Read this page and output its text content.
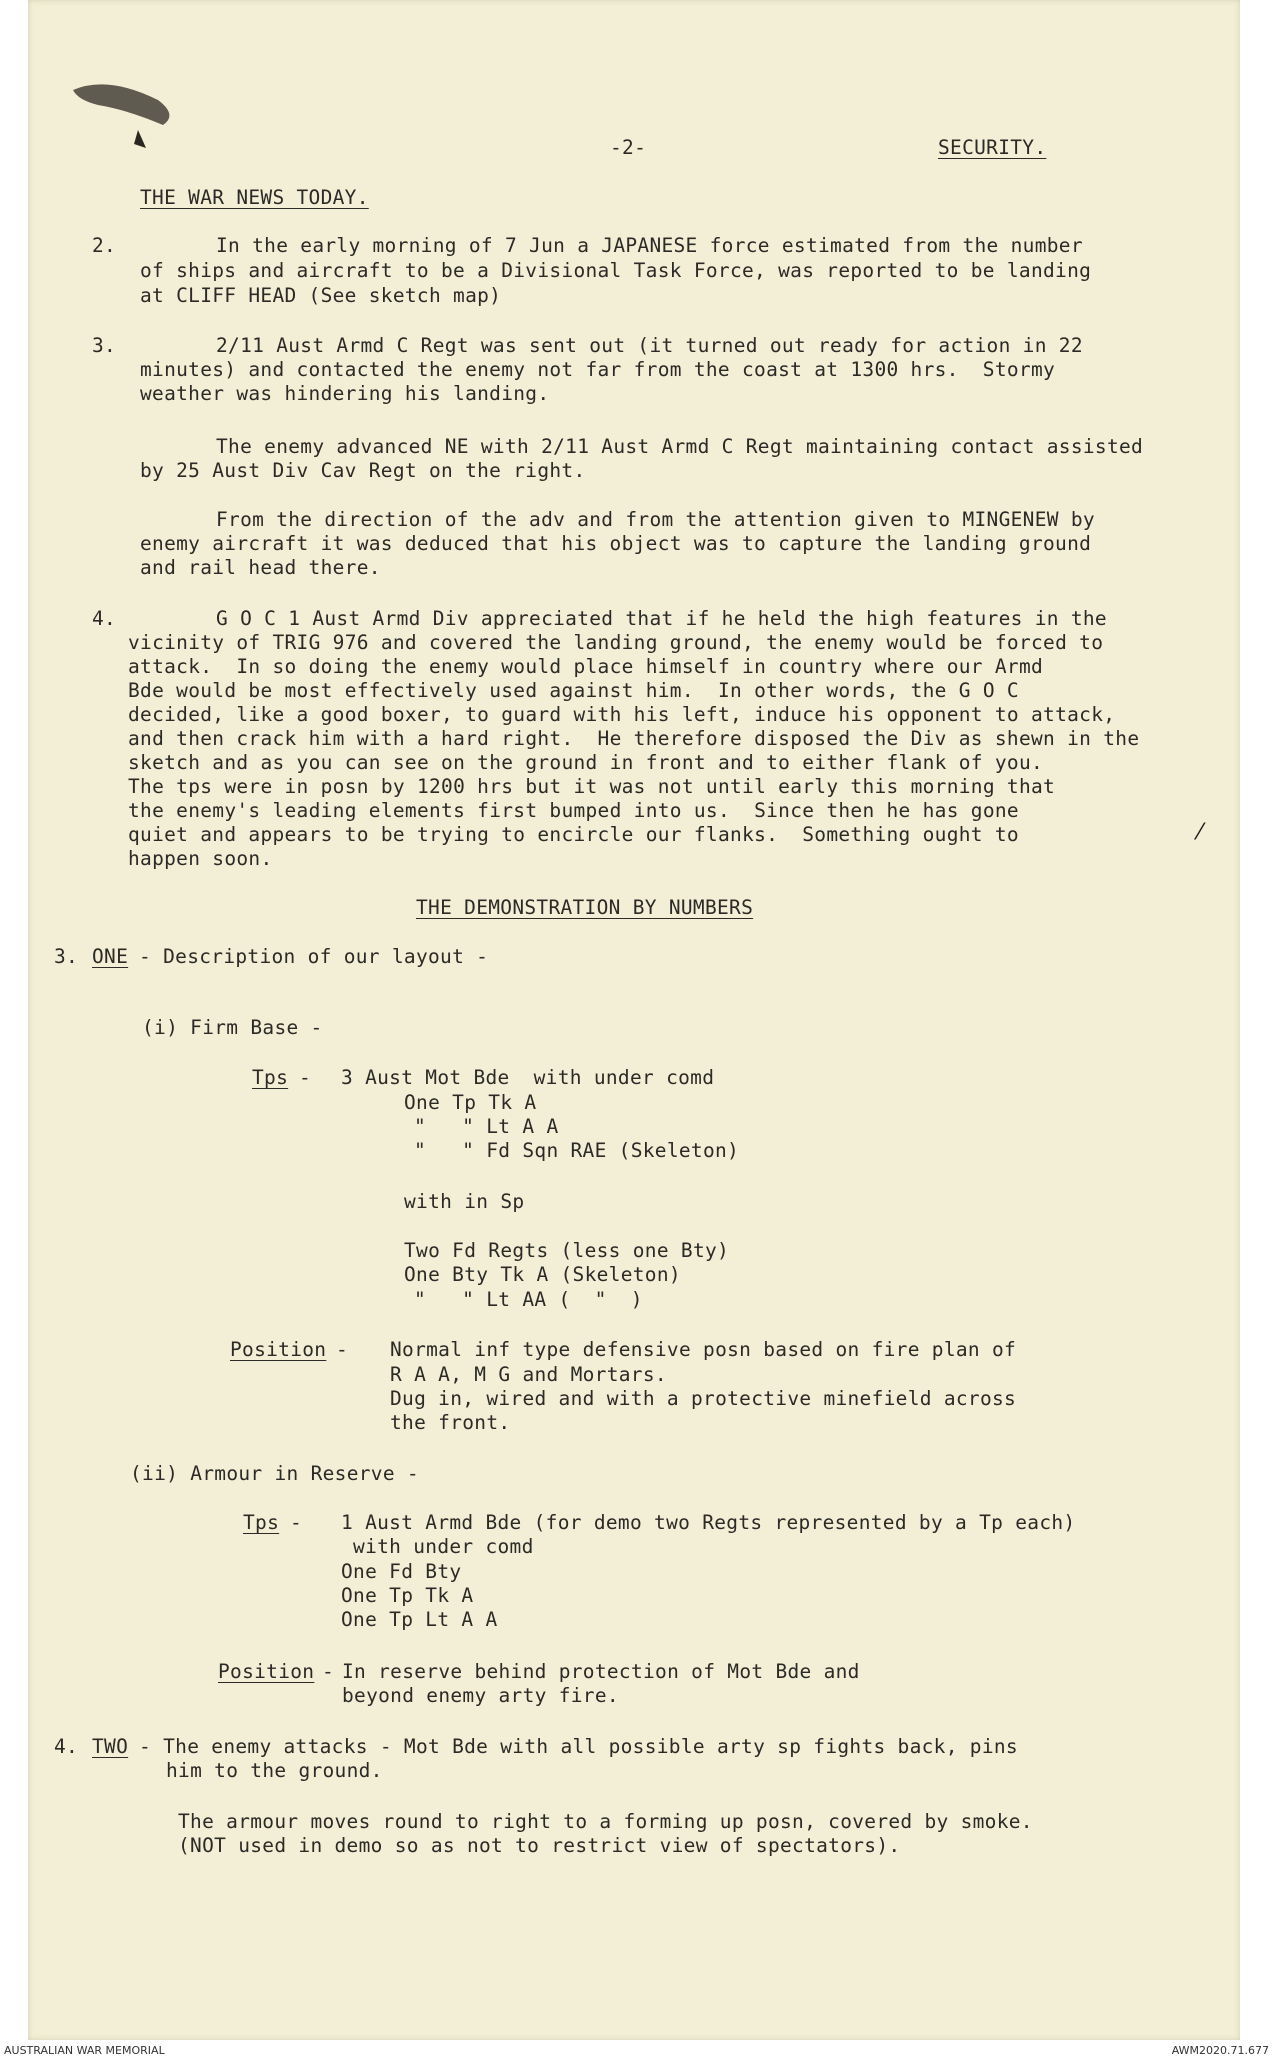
-2-	SECURITY.
THE WAR NEWS TODAY.
2.	In the early morning of 7 Jun a JAPANESE force estimated from the number
of ships and aircraft to be a Divisional Task Force, was reported to be landing
at CLIFF HEAD (See sketch map)
3.	2/11 Aust Armd C Regt was sent out (it turned out ready for action in 22
minutes) and contacted the enemy not far from the coast at 1300 hrs.  Stormy
weather was hindering his landing.
The enemy advanced NE with 2/11 Aust Armd C Regt maintaining contact assisted
by 25 Aust Div Cav Regt on the right.
From the direction of the adv and from the attention given to MINGENEW by
enemy aircraft it was deduced that his object was to capture the landing ground
and rail head there.
4.	G O C 1 Aust Armd Div appreciated that if he held the high features in the
vicinity of TRIG 976 and covered the landing ground, the enemy would be forced to
attack.  In so doing the enemy would place himself in country where our Armd
Bde would be most effectively used against him.  In other words, the G O C
decided, like a good boxer, to guard with his left, induce his opponent to attack,
and then crack him with a hard right.  He therefore disposed the Div as shewn in the
sketch and as you can see on the ground in front and to either flank of you.
The tps were in posn by 1200 hrs but it was not until early this morning that
the enemy's leading elements first bumped into us.  Since then he has gone
quiet and appears to be trying to encircle our flanks.  Something ought to
happen soon.
⁄
THE DEMONSTRATION BY NUMBERS
3. ONE
- Description of our layout -
(i) Firm Base -
Tps
- 3 Aust Mot Bde  with under comd
One Tp Tk A
"   " Lt A A
"   " Fd Sqn RAE (Skeleton)
with in Sp
Two Fd Regts (less one Bty)
One Bty Tk A (Skeleton)
"   " Lt AA (  "  )
Position
- Normal inf type defensive posn based on fire plan of
R A A, M G and Mortars.
Dug in, wired and with a protective minefield across
the front.
(ii) Armour in Reserve -
Tps
- 1 Aust Armd Bde (for demo two Regts represented by a Tp each)
with under comd
One Fd Bty
One Tp Tk A
One Tp Lt A A
Position - In reserve behind protection of Mot Bde and
beyond enemy arty fire.
4. TWO
- The enemy attacks - Mot Bde with all possible arty sp fights back, pins
him to the ground.
The armour moves round to right to a forming up posn, covered by smoke.
(NOT used in demo so as not to restrict view of spectators).
AUSTRALIAN WAR MEMORIAL	AWM2020.71.677
